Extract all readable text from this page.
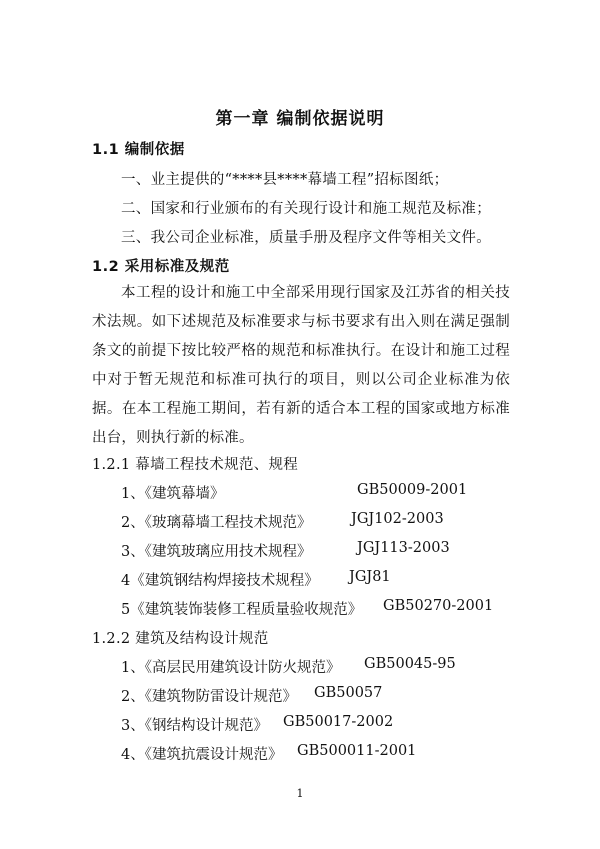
第一章 编制依据说明
1.1 编制依据
一、业主提供的“****县****幕墙工程”招标图纸；
二、国家和行业颁布的有关现行设计和施工规范及标准；
三、我公司企业标准，质量手册及程序文件等相关文件。
1.2 采用标准及规范
本工程的设计和施工中全部采用现行国家及江苏省的相关技术法规。如下述规范及标准要求与标书要求有出入则在满足强制条文的前提下按比较严格的规范和标准执行。在设计和施工过程中对于暂无规范和标准可执行的项目，则以公司企业标准为依据。在本工程施工期间，若有新的适合本工程的国家或地方标准出台，则执行新的标准。
1.2.1 幕墙工程技术规范、规程
1、《建筑幕墙》	GB50009-2001
2、《玻璃幕墙工程技术规范》	JGJ102-2003
3、《建筑玻璃应用技术规程》	JGJ113-2003
4《建筑钢结构焊接技术规程》 JGJ81
5《建筑装饰装修工程质量验收规范》 GB50270-2001
1.2.2 建筑及结构设计规范
1、《高层民用建筑设计防火规范》 GB50045-95
2、《建筑物防雷设计规范》 GB50057
3、《钢结构设计规范》 GB50017-2002
4、《建筑抗震设计规范》 GB500011-2001
1
